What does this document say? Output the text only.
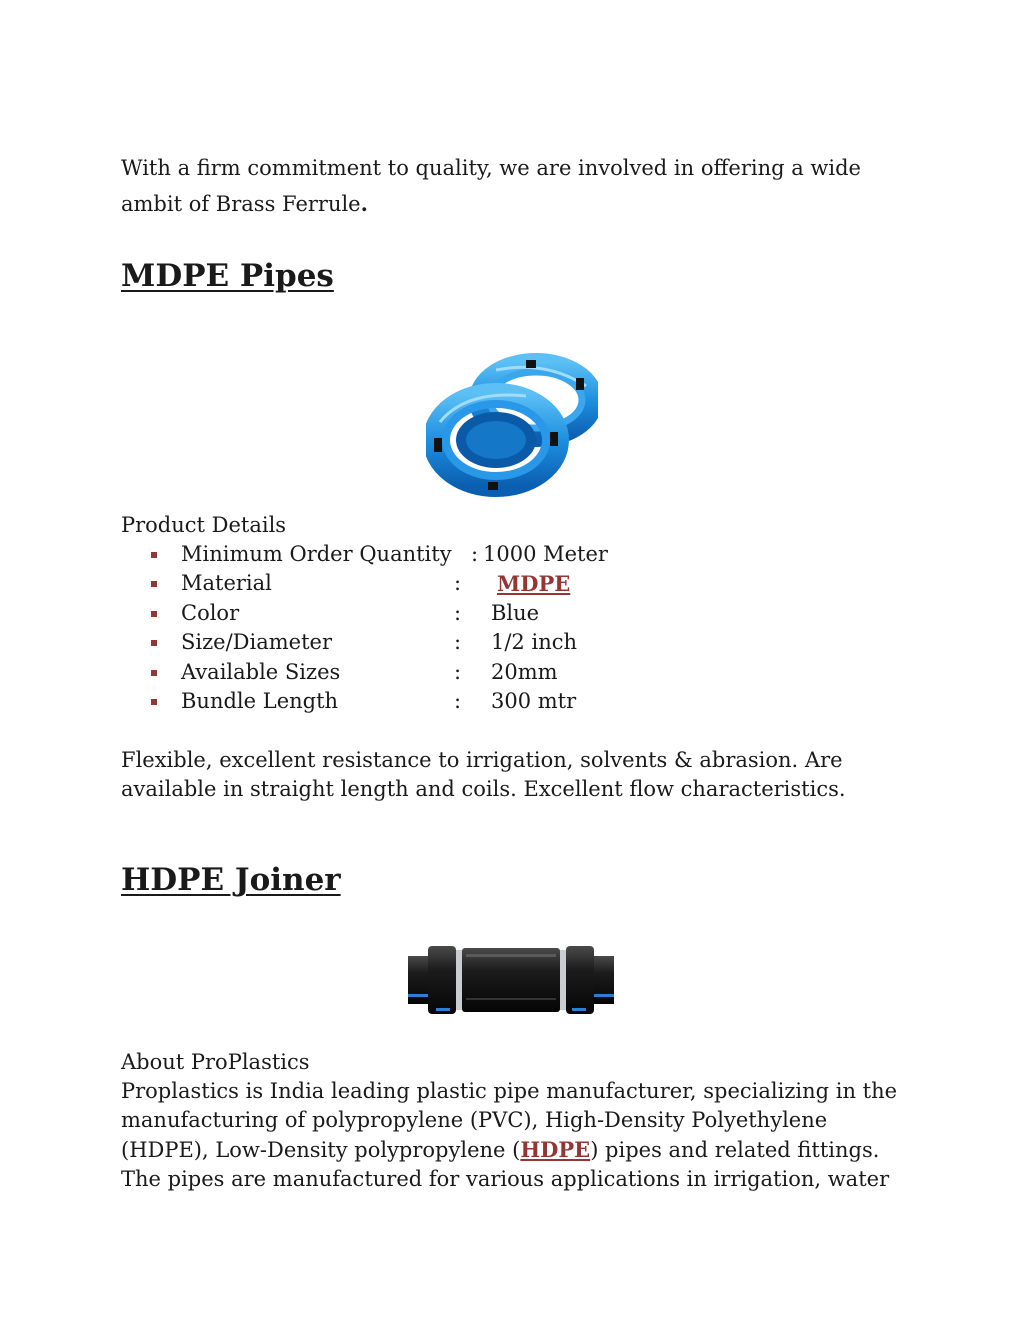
With a firm commitment to quality, we are involved in offering a wide
ambit of Brass Ferrule.
MDPE Pipes
Product Details
Minimum Order Quantity : 1000 Meter
Material	: MDPE
Color	: Blue
Size/Diameter	: 1/2 inch
Available Sizes	: 20mm
Bundle Length	: 300 mtr
Flexible, excellent resistance to irrigation, solvents & abrasion. Are
available in straight length and coils. Excellent flow characteristics.
HDPE Joiner
About ProPlastics
Proplastics is India leading plastic pipe manufacturer, specializing in the
manufacturing of polypropylene (PVC), High-Density Polyethylene
(HDPE), Low-Density polypropylene (HDPE) pipes and related fittings.
The pipes are manufactured for various applications in irrigation, water
